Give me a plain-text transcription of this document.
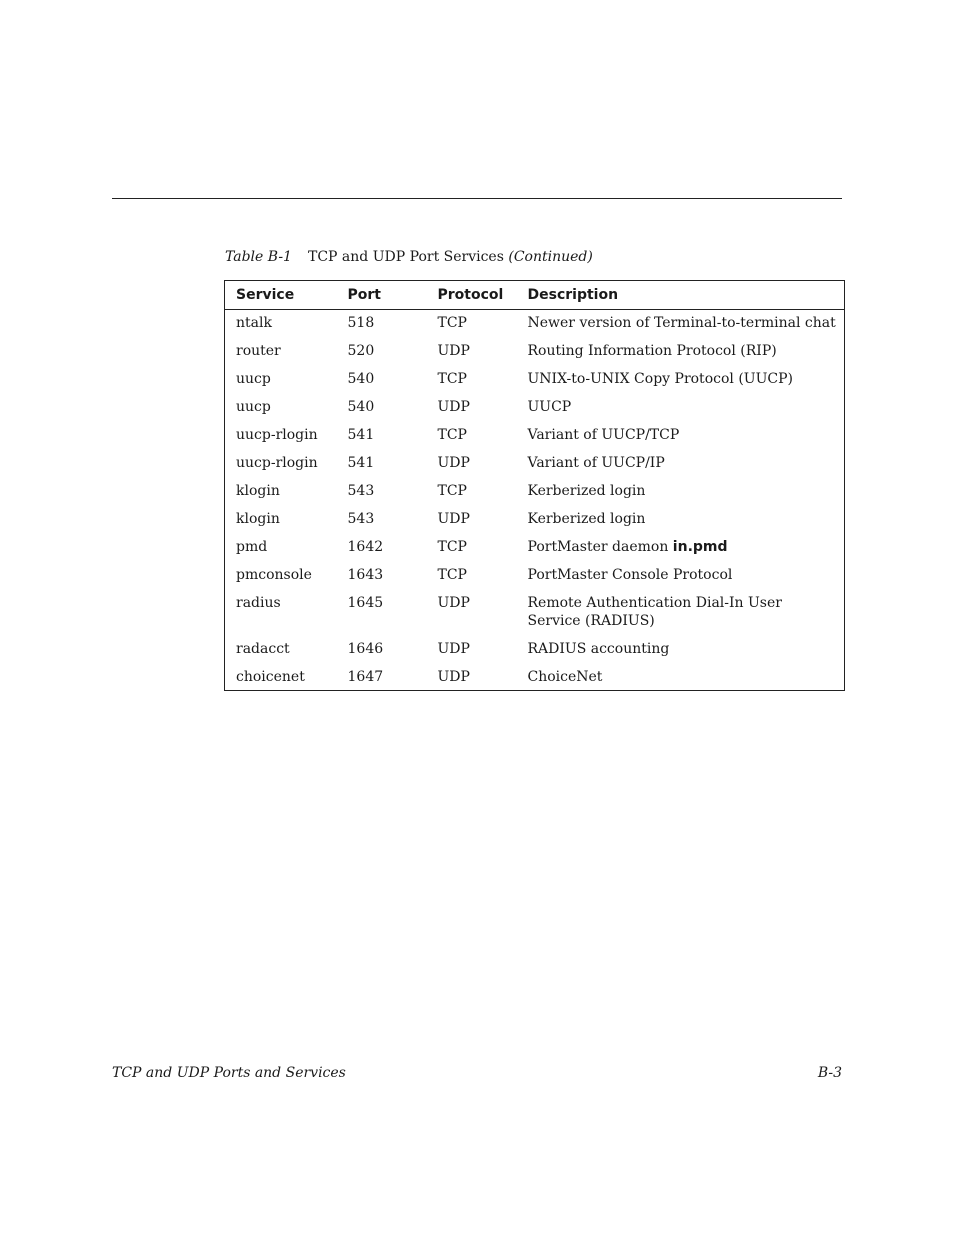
Table B-1 TCP and UDP Port Services (Continued)
Service	Port	Protocol	Description
ntalk	518	TCP	Newer version of Terminal-to-terminal chat
router	520	UDP	Routing Information Protocol (RIP)
uucp	540	TCP	UNIX-to-UNIX Copy Protocol (UUCP)
uucp	540	UDP	UUCP
uucp-rlogin	541	TCP	Variant of UUCP/TCP
uucp-rlogin	541	UDP	Variant of UUCP/IP
klogin	543	TCP	Kerberized login
klogin	543	UDP	Kerberized login
pmd	1642	TCP	PortMaster daemon in.pmd
pmconsole	1643	TCP	PortMaster Console Protocol
radius	1645	UDP	Remote Authentication Dial-In User Service (RADIUS)
radacct	1646	UDP	RADIUS accounting
choicenet	1647	UDP	ChoiceNet
TCP and UDP Ports and Services	B-3
